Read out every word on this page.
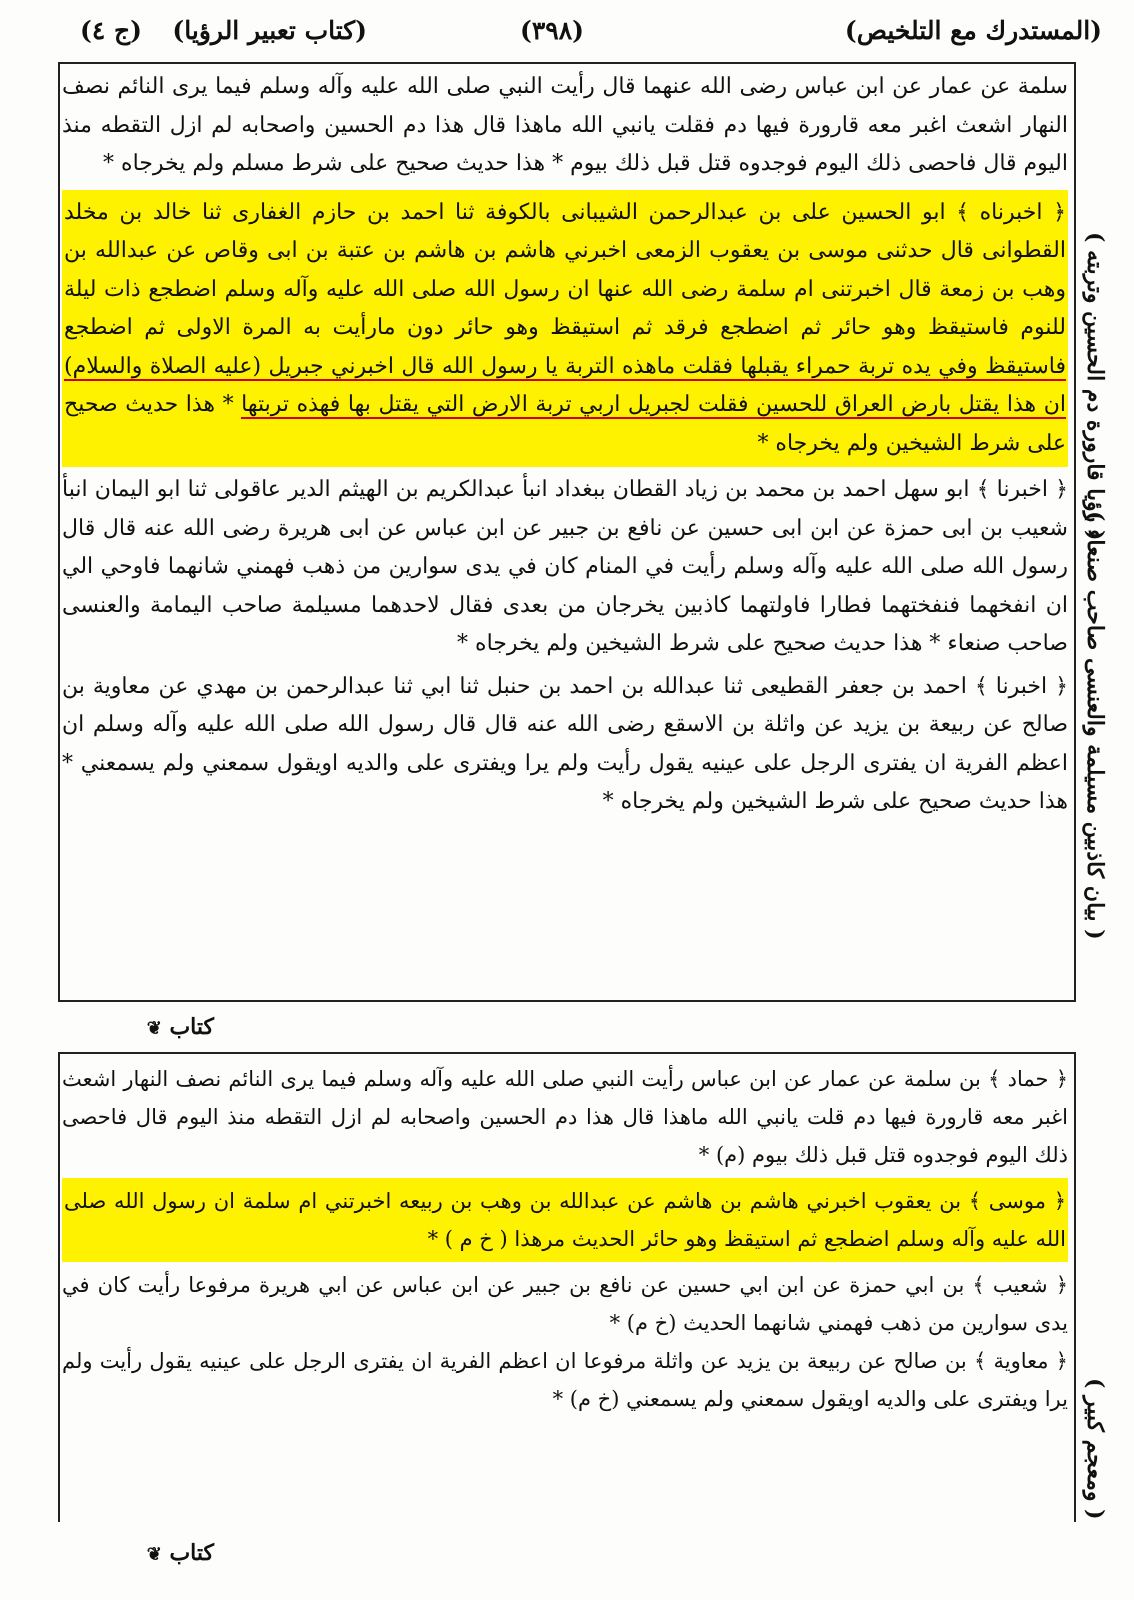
(المستدرك مع التلخيص)
(٣٩٨)
(كتاب تعبير الرؤيا)
(ج ٤)

سلمة عن عمار عن ابن عباس رضى الله عنهما قال رأيت النبي صلى الله عليه وآله وسلم فيما يرى النائم نصف النهار اشعث اغبر معه قارورة فيها دم فقلت يانبي الله ماهذا قال هذا دم الحسين واصحابه لم ازل التقطه منذ اليوم قال فاحصى ذلك اليوم فوجدوه قتل قبل ذلك بيوم * هذا حديث صحيح على شرط مسلم ولم يخرجاه *

﴿ اخبرناه ﴾ ابو الحسين على بن عبدالرحمن الشيبانى بالكوفة ثنا احمد بن حازم الغفارى ثنا خالد بن مخلد القطوانى قال حدثنى موسى بن يعقوب الزمعى اخبرني هاشم بن هاشم بن عتبة بن ابى وقاص عن عبدالله بن وهب بن زمعة قال اخبرتنى ام سلمة رضى الله عنها ان رسول الله صلى الله عليه وآله وسلم اضطجع ذات ليلة للنوم فاستيقظ وهو حائر ثم اضطجع فرقد ثم استيقظ وهو حائر دون مارأيت به المرة الاولى ثم اضطجع فاستيقظ وفي يده تربة حمراء يقبلها فقلت ماهذه التربة يا رسول الله قال اخبرني جبريل (عليه الصلاة والسلام) ان هذا يقتل بارض العراق للحسين فقلت لجبريل اربي تربة الارض التي يقتل بها فهذه تربتها * هذا حديث صحيح على شرط الشيخين ولم يخرجاه *

﴿ اخبرنا ﴾ ابو سهل احمد بن محمد بن زياد القطان ببغداد انبأ عبدالكريم بن الهيثم الدير عاقولى ثنا ابو اليمان انبأ شعيب بن ابى حمزة عن ابن ابى حسين عن نافع بن جبير عن ابن عباس عن ابى هريرة رضى الله عنه قال قال رسول الله صلى الله عليه وآله وسلم رأيت في المنام كان في يدى سوارين من ذهب فهمني شانهما فاوحي الي ان انفخهما فنفختهما فطارا فاولتهما كاذبين يخرجان من بعدى فقال لاحدهما مسيلمة صاحب اليمامة والعنسى صاحب صنعاء * هذا حديث صحيح على شرط الشيخين ولم يخرجاه *

﴿ اخبرنا ﴾ احمد بن جعفر القطيعى ثنا عبدالله بن احمد بن حنبل ثنا ابي ثنا عبدالرحمن بن مهدي عن معاوية بن صالح عن ربيعة بن يزيد عن واثلة بن الاسقع رضى الله عنه قال قال رسول الله صلى الله عليه وآله وسلم ان اعظم الفرية ان يفترى الرجل على عينيه يقول رأيت ولم يرا ويفترى على والديه اويقول سمعني ولم يسمعني * هذا حديث صحيح على شرط الشيخين ولم يخرجاه *

كتاب ❦

﴿ حماد ﴾ بن سلمة عن عمار عن ابن عباس رأيت النبي صلى الله عليه وآله وسلم فيما يرى النائم نصف النهار اشعث اغبر معه قارورة فيها دم قلت يانبي الله ماهذا قال هذا دم الحسين واصحابه لم ازل التقطه منذ اليوم قال فاحصى ذلك اليوم فوجدوه قتل قبل ذلك بيوم (م) *

﴿ موسى ﴾ بن يعقوب اخبرني هاشم بن هاشم عن عبدالله بن وهب بن ربيعه اخبرتني ام سلمة ان رسول الله صلى الله عليه وآله وسلم اضطجع ثم استيقظ وهو حائر الحديث مرهذا ( خ م ) *

﴿ شعيب ﴾ بن ابي حمزة عن ابن ابي حسين عن نافع بن جبير عن ابن عباس عن ابي هريرة مرفوعا رأيت كان في يدى سوارين من ذهب فهمني شانهما الحديث (خ م) *

﴿ معاوية ﴾ بن صالح عن ربيعة بن يزيد عن واثلة مرفوعا ان اعظم الفرية ان يفترى الرجل على عينيه يقول رأيت ولم يرا ويفترى على والديه اويقول سمعني ولم يسمعني (خ م) *

كتاب ❦
( رؤيا قارورة دم الحسين وتربته )
( بيان كاذبين مسيلمة والعنسى صاحب صنعاء )
( ومعجم كبير )
